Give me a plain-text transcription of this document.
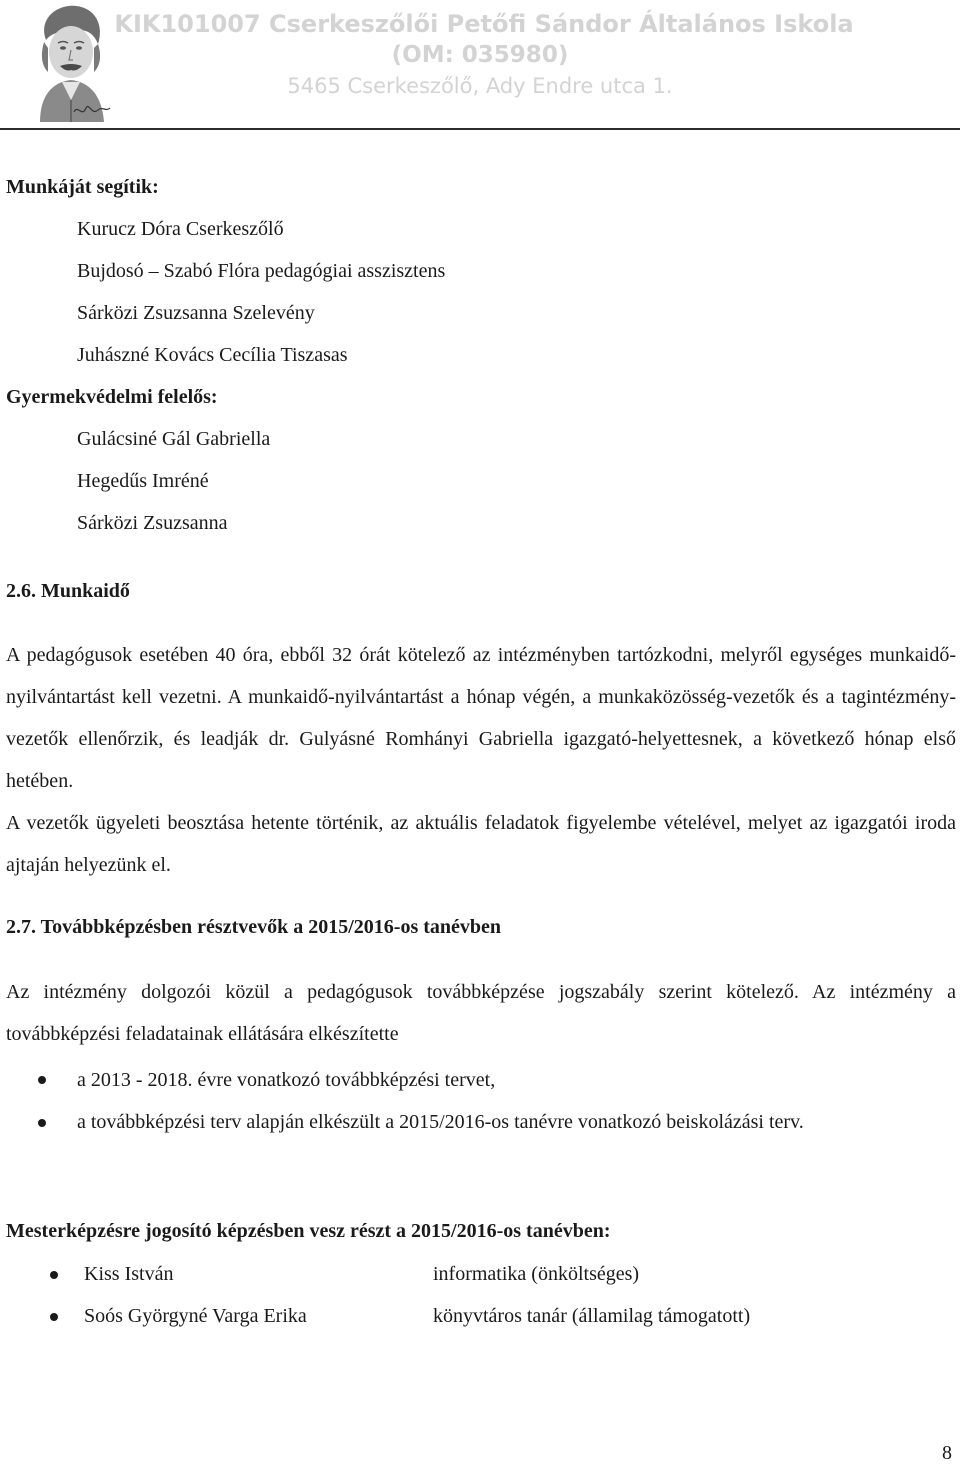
KIK101007 Cserkeszőlői Petőfi Sándor Általános Iskola
(OM: 035980)
5465 Cserkeszőlő, Ady Endre utca 1.
Munkáját segítik:
Kurucz Dóra Cserkeszőlő
Bujdosó – Szabó Flóra pedagógiai asszisztens
Sárközi Zsuzsanna Szelevény
Juhászné Kovács Cecília Tiszasas
Gyermekvédelmi felelős:
Gulácsiné Gál Gabriella
Hegedűs Imréné
Sárközi Zsuzsanna
2.6. Munkaidő
A pedagógusok esetében 40 óra, ebből 32 órát kötelező az intézményben tartózkodni, melyről egységes munkaidő-nyilvántartást kell vezetni. A munkaidő-nyilvántartást a hónap végén, a munkaközösség-vezetők és a tagintézmény-vezetők ellenőrzik, és leadják dr. Gulyásné Romhányi Gabriella igazgató-helyettesnek, a következő hónap első hetében.
A vezetők ügyeleti beosztása hetente történik, az aktuális feladatok figyelembe vételével, melyet az igazgatói iroda ajtaján helyezünk el.
2.7. Továbbképzésben résztvevők a 2015/2016-os tanévben
Az intézmény dolgozói közül a pedagógusok továbbképzése jogszabály szerint kötelező. Az intézmény a továbbképzési feladatainak ellátására elkészítette
a 2013 - 2018. évre vonatkozó továbbképzési tervet,
a továbbképzési terv alapján elkészült a 2015/2016-os tanévre vonatkozó beiskolázási terv.
Mesterképzésre jogosító képzésben vesz részt a 2015/2016-os tanévben:
Kiss István	informatika (önköltséges)
Soós Györgyné Varga Erika	könyvtáros tanár (államilag támogatott)
8
